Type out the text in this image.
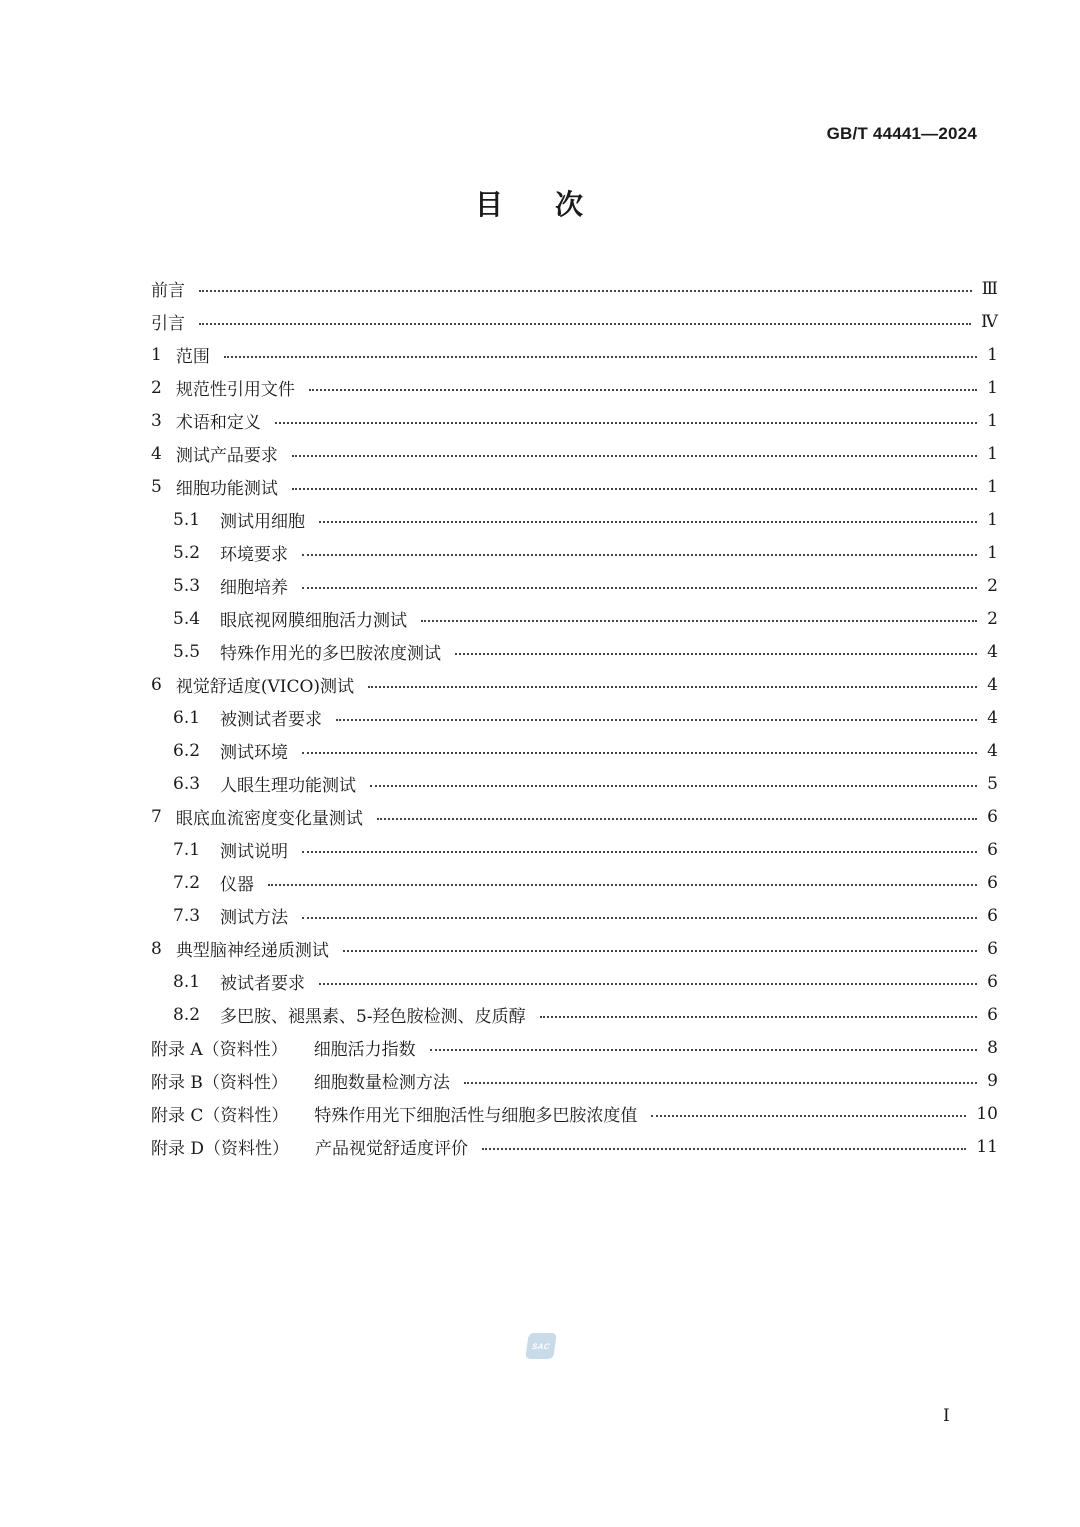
GB/T 44441—2024
目次
前言	Ⅲ
引言	Ⅳ
1 范围	1
2 规范性引用文件	1
3 术语和定义	1
4 测试产品要求	1
5 细胞功能测试	1
5.1 测试用细胞	1
5.2 环境要求	1
5.3 细胞培养	2
5.4 眼底视网膜细胞活力测试	2
5.5 特殊作用光的多巴胺浓度测试	4
6 视觉舒适度(VICO)测试	4
6.1 被测试者要求	4
6.2 测试环境	4
6.3 人眼生理功能测试	5
7 眼底血流密度变化量测试	6
7.1 测试说明	6
7.2 仪器	6
7.3 测试方法	6
8 典型脑神经递质测试	6
8.1 被试者要求	6
8.2 多巴胺、褪黑素、5-羟色胺检测、皮质醇	6
附录 A（资料性） 细胞活力指数	8
附录 B（资料性） 细胞数量检测方法	9
附录 C（资料性） 特殊作用光下细胞活性与细胞多巴胺浓度值	10
附录 D（资料性） 产品视觉舒适度评价	11
SAC
I
